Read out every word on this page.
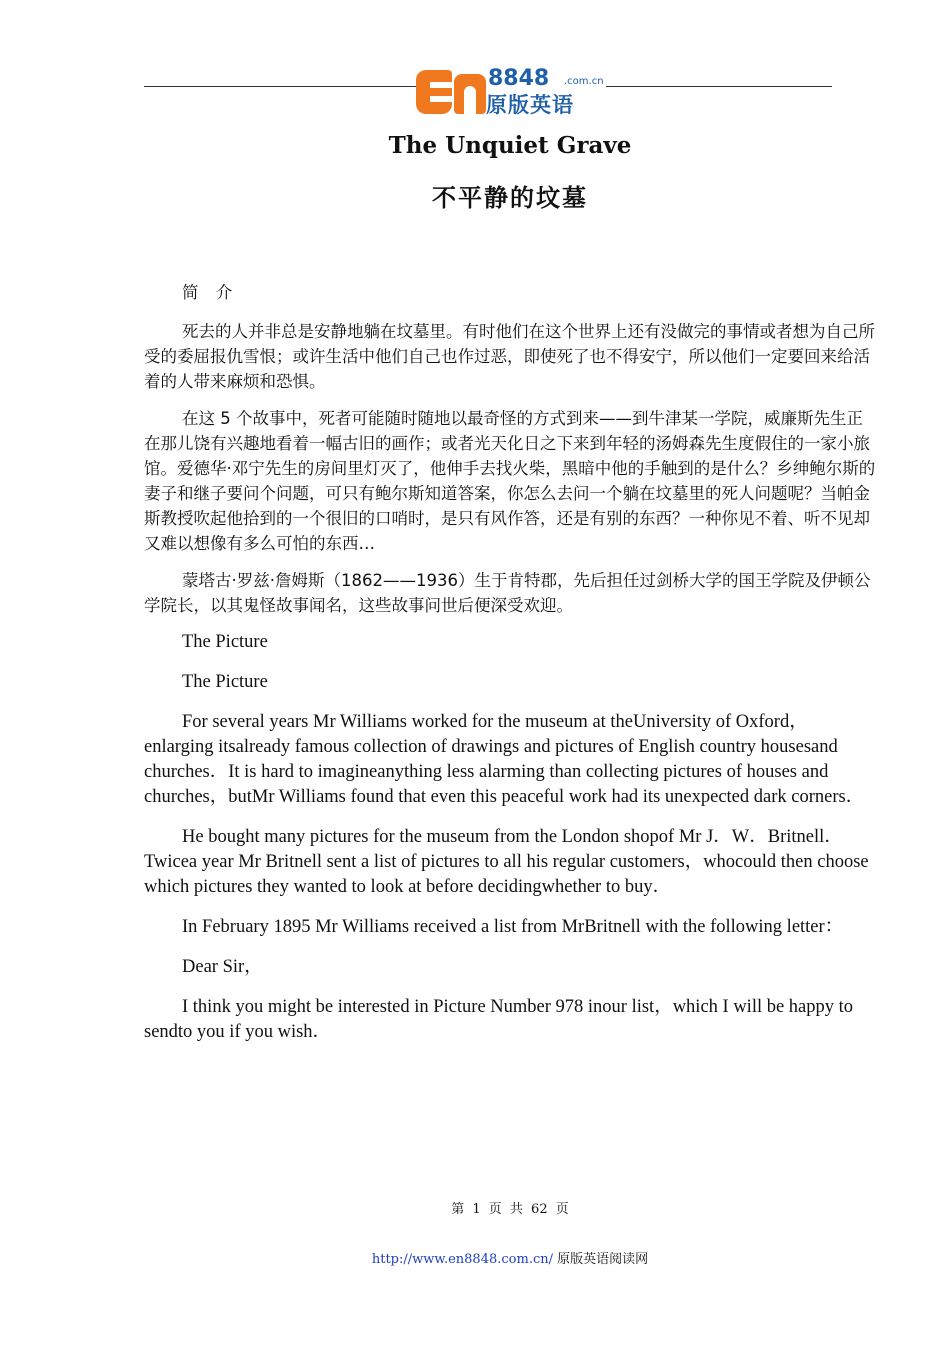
8848 .com.cn
原版英语
The Unquiet Grave
不平静的坟墓

简 介

死去的人并非总是安静地躺在坟墓里。有时他们在这个世界上还有没做完的事情或者想为自己所受的委屈报仇雪恨；或许生活中他们自己也作过恶，即使死了也不得安宁，所以他们一定要回来给活着的人带来麻烦和恐惧。

在这 5 个故事中，死者可能随时随地以最奇怪的方式到来——到牛津某一学院，威廉斯先生正在那儿饶有兴趣地看着一幅古旧的画作；或者光天化日之下来到年轻的汤姆森先生度假住的一家小旅馆。爱德华·邓宁先生的房间里灯灭了，他伸手去找火柴，黑暗中他的手触到的是什么？乡绅鲍尔斯的妻子和继子要问个问题，可只有鲍尔斯知道答案，你怎么去问一个躺在坟墓里的死人问题呢？当帕金斯教授吹起他拾到的一个很旧的口哨时，是只有风作答，还是有别的东西？一种你见不着、听不见却又难以想像有多么可怕的东西…

蒙塔古·罗兹·詹姆斯（1862——1936）生于肯特郡，先后担任过剑桥大学的国王学院及伊顿公学院长，以其鬼怪故事闻名，这些故事问世后便深受欢迎。

The Picture

The Picture

For several years Mr Williams worked for the museum at theUniversity of Oxford，enlarging itsalready famous collection of drawings and pictures of English country housesand churches．It is hard to imagineanything less alarming than collecting pictures of houses and churches，butMr Williams found that even this peaceful work had its unexpected dark corners．

He bought many pictures for the museum from the London shopof Mr J．W．Britnell．Twicea year Mr Britnell sent a list of pictures to all his regular customers，whocould then choose which pictures they wanted to look at before decidingwhether to buy．

In February 1895 Mr Williams received a list from MrBritnell with the following letter：

Dear Sir，

I think you might be interested in Picture Number 978 inour list，which I will be happy to sendto you if you wish．

第 1 页 共 62 页
http://www.en8848.com.cn/ 原版英语阅读网
